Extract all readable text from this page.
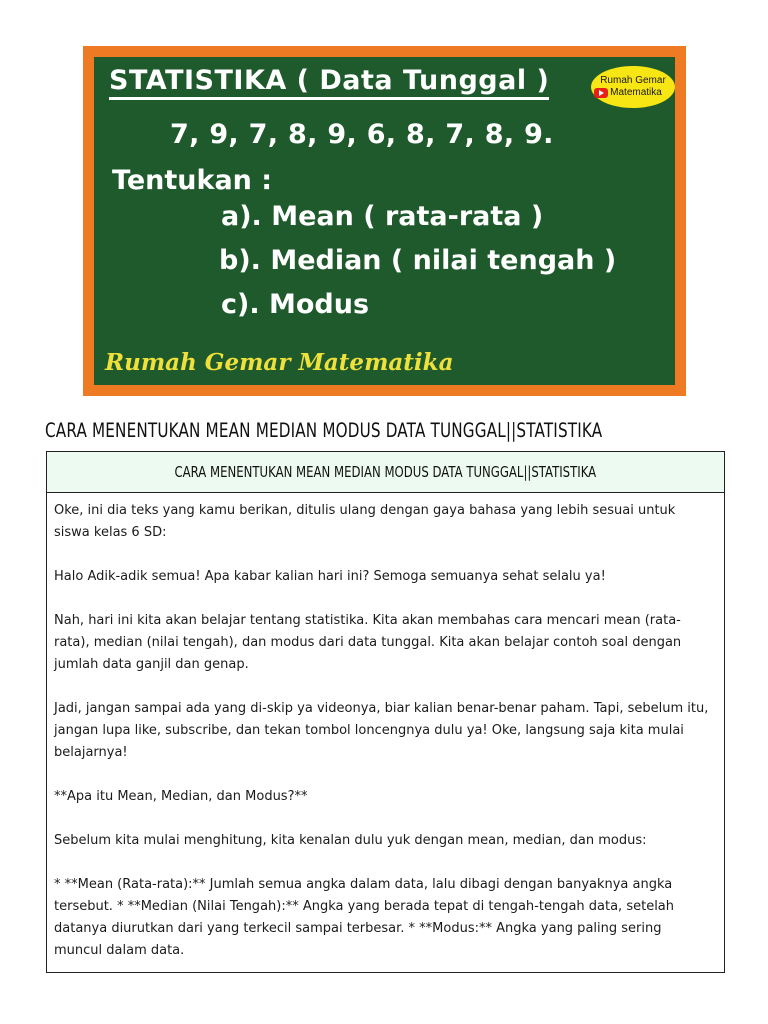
STATISTIKA ( Data Tunggal )	Rumah Gemar
Matematika
7, 9, 7, 8, 9, 6, 8, 7, 8, 9.
Tentukan :
a). Mean ( rata-rata )
b). Median ( nilai tengah )
c). Modus
Rumah Gemar Matematika
CARA MENENTUKAN MEAN MEDIAN MODUS DATA TUNGGAL||STATISTIKA
CARA MENENTUKAN MEAN MEDIAN MODUS DATA TUNGGAL||STATISTIKA

Oke, ini dia teks yang kamu berikan, ditulis ulang dengan gaya bahasa yang lebih sesuai untuk siswa kelas 6 SD:

Halo Adik-adik semua! Apa kabar kalian hari ini? Semoga semuanya sehat selalu ya!

Nah, hari ini kita akan belajar tentang statistika. Kita akan membahas cara mencari mean (rata-rata), median (nilai tengah), dan modus dari data tunggal. Kita akan belajar contoh soal dengan jumlah data ganjil dan genap.

Jadi, jangan sampai ada yang di-skip ya videonya, biar kalian benar-benar paham. Tapi, sebelum itu, jangan lupa like, subscribe, dan tekan tombol loncengnya dulu ya! Oke, langsung saja kita mulai belajarnya!

**Apa itu Mean, Median, dan Modus?**

Sebelum kita mulai menghitung, kita kenalan dulu yuk dengan mean, median, dan modus:

* **Mean (Rata-rata):** Jumlah semua angka dalam data, lalu dibagi dengan banyaknya angka tersebut. * **Median (Nilai Tengah):** Angka yang berada tepat di tengah-tengah data, setelah datanya diurutkan dari yang terkecil sampai terbesar. * **Modus:** Angka yang paling sering muncul dalam data.
